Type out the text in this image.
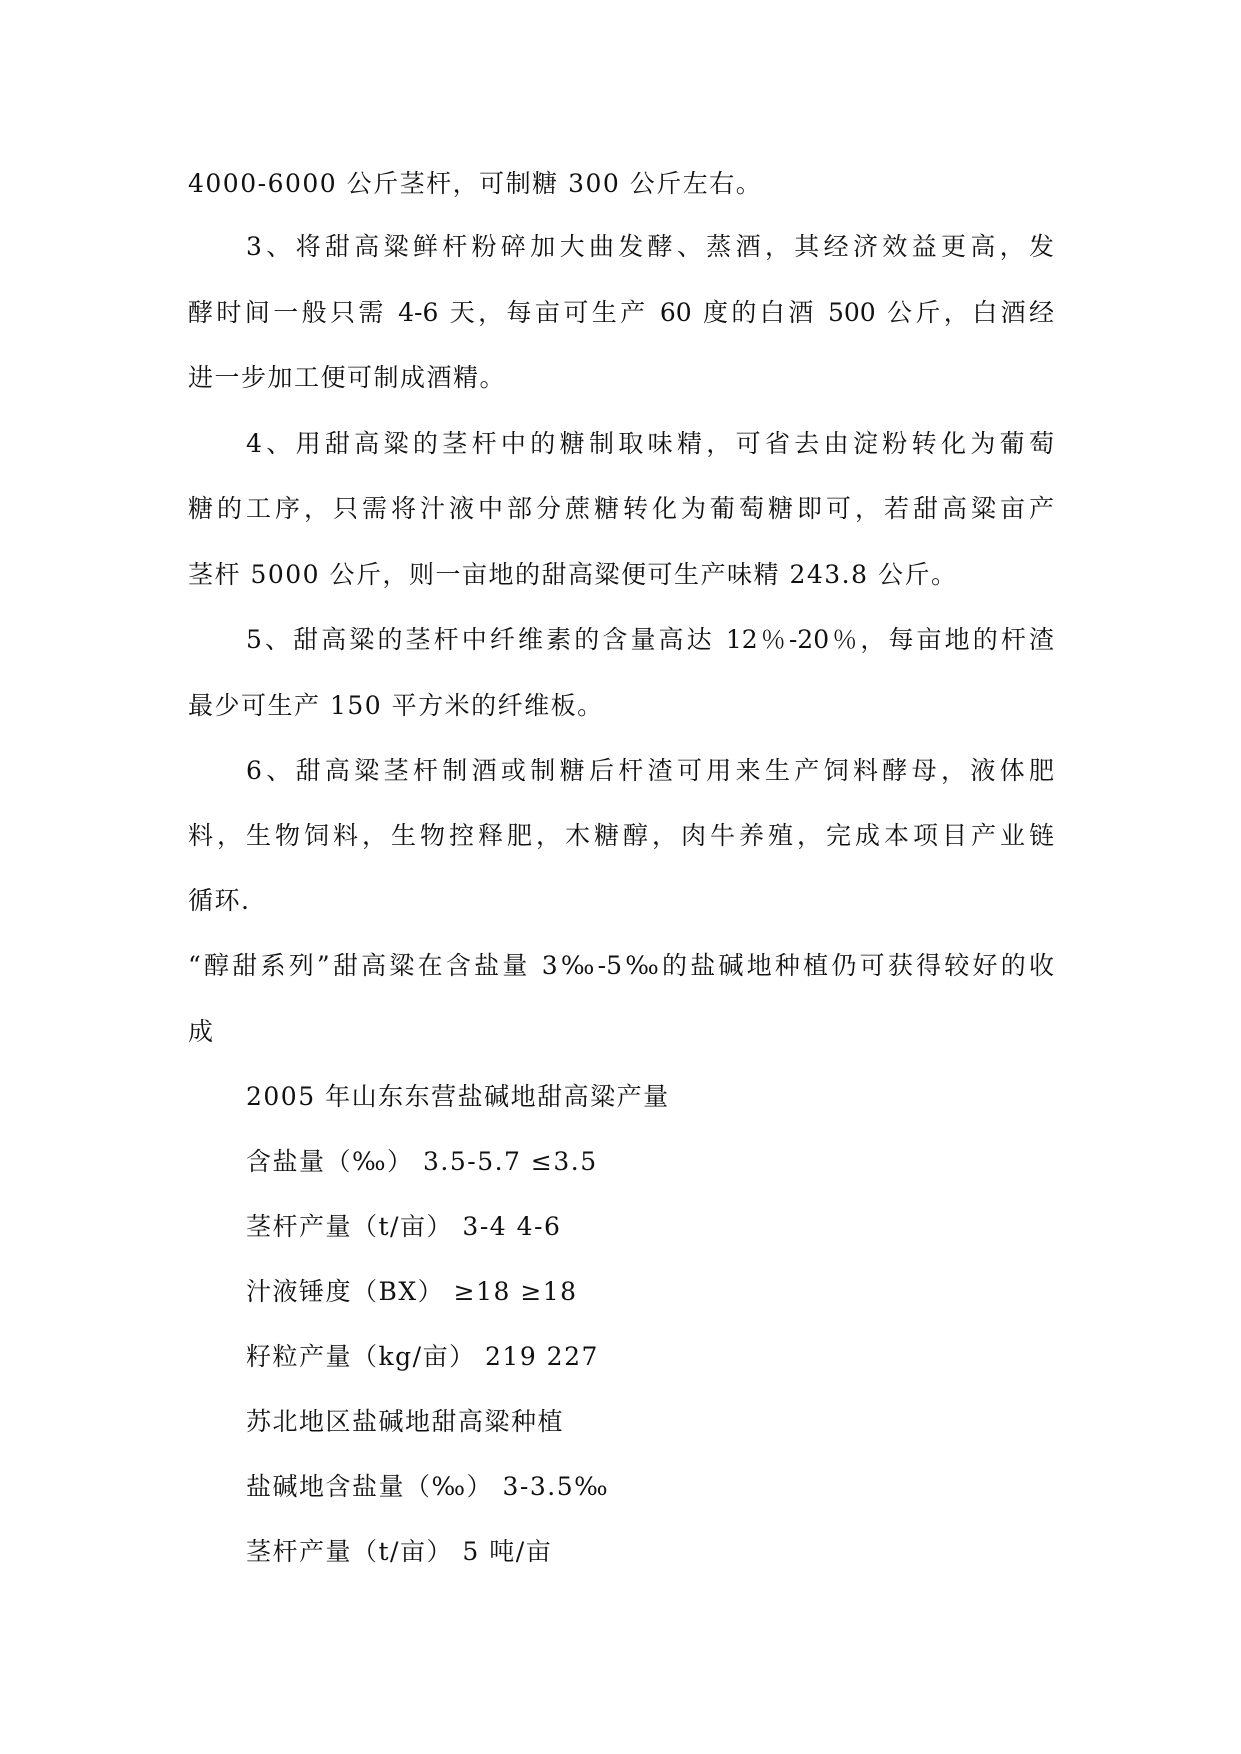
4000-6000 公斤茎杆，可制糖 300 公斤左右。
3、将甜高粱鲜杆粉碎加大曲发酵、蒸酒，其经济效益更高，发
酵时间一般只需 4-6 天，每亩可生产 60 度的白酒 500 公斤，白酒经
进一步加工便可制成酒精。
4、用甜高粱的茎杆中的糖制取味精，可省去由淀粉转化为葡萄
糖的工序，只需将汁液中部分蔗糖转化为葡萄糖即可，若甜高粱亩产
茎杆 5000 公斤，则一亩地的甜高粱便可生产味精 243.8 公斤。
5、甜高粱的茎杆中纤维素的含量高达 12％-20％，每亩地的杆渣
最少可生产 150 平方米的纤维板。
6、甜高粱茎杆制酒或制糖后杆渣可用来生产饲料酵母，液体肥
料，生物饲料，生物控释肥，木糖醇，肉牛养殖，完成本项目产业链
循环.
“醇甜系列”甜高粱在含盐量 3‰-5‰的盐碱地种植仍可获得较好的收
成
2005 年山东东营盐碱地甜高粱产量
含盐量（‰） 3.5-5.7 ≤3.5
茎杆产量（t/亩） 3-4 4-6
汁液锤度（BX） ≥18 ≥18
籽粒产量（kg/亩） 219 227
苏北地区盐碱地甜高粱种植
盐碱地含盐量（‰） 3-3.5‰
茎杆产量（t/亩） 5 吨/亩
